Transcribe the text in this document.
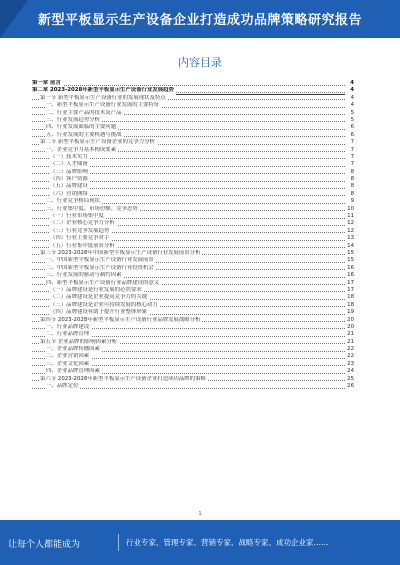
新型平板显示生产设备企业打造成功品牌策略研究报告
内容目录
第一章 前言	4
第二章 2023-2028年新型平板显示生产设备行业发展趋势	4
第一节 新型平板显示生产设备行业的发展现状及特点	4
一、新型平板显示生产设备行业发展的主要特征	4
二、行业主要产品的技术及产品	5
三、行业发展趋势分析	5
四、行业发展面临的主要问题	6
五、行业发展的主要机遇与挑战	6
第二节 新型平板显示生产设备企业的竞争力分析	7
一、企业竞争力基本构成要素	7
（一）技术实力	7
（二）人才储备	7
（三）品牌影响	8
（四）客户资源	8
（五）品牌建设	8
（六）营销网络	8
二、行业竞争格局现状	9
三、行业集中度、市场份额、竞争态势	10
（一）行业市场集中度	11
（二）企业核心竞争力分析	12
（三）行业竞争发展趋势	12
（四）行业主要竞争对手	13
（五）行业集中度前景分析	14
第三节 2023-2028年中国新型平板显示生产设备行业发展前景分析	15
一、中国新型平板显示生产设备行业发展前景	15
二、中国新型平板显示生产设备行业投资机会	16
三、行业发展的驱动与制约因素	16
四、新型平板显示生产设备行业品牌建设的意义	17
（一）品牌建设是行业发展的必然要求	17
（二）品牌建设是企业提高竞争力的关键	18
（三）品牌建设是企业可持续发展的核心动力	18
（四）品牌建设有助于提升行业整体形象	19
第四节 2023-2028年新型平板显示生产设备行业品牌发展战略分析	20
一、行业品牌建设	20
二、行业品牌管理	21
第五节 企业品牌的影响因素分析	21
一、企业品牌传播因素	22
二、企业营销因素	22
三、企业文化因素	23
四、企业品牌管理因素	24
第六节 2023-2028年新型平板显示生产设备企业打造成功品牌的策略	25
一、品牌定位	26
1
让每个人都能成为	行业专家、管理专家、营销专家、战略专家、成功企业家……
